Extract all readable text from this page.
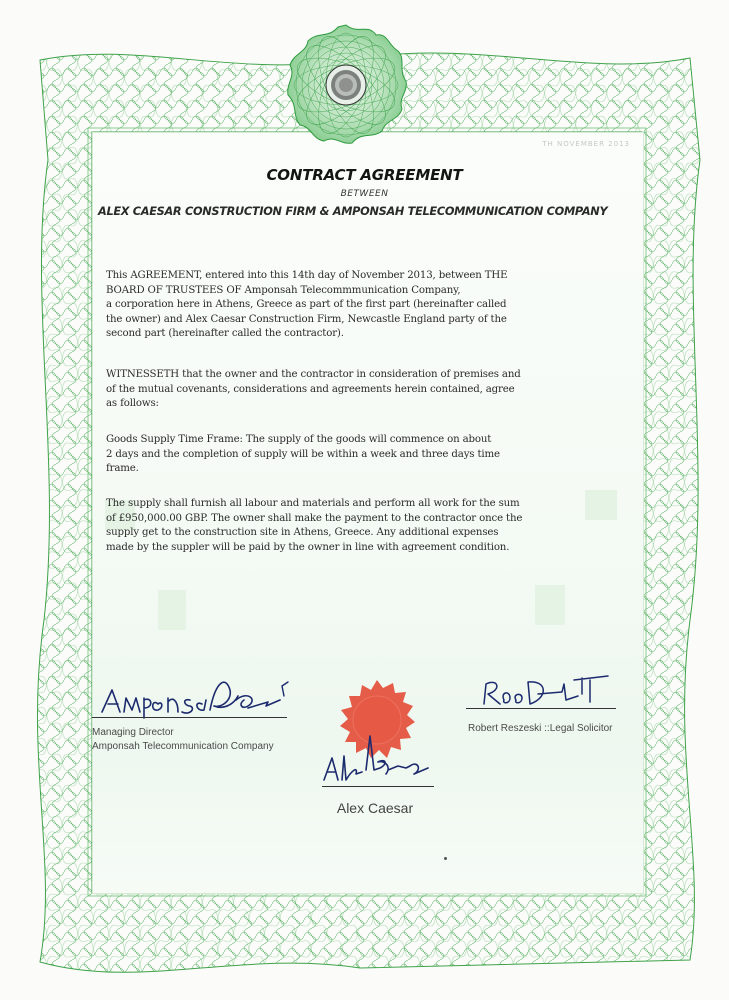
TH NOVEMBER 2013
CONTRACT AGREEMENT
BETWEEN
ALEX CAESAR CONSTRUCTION FIRM & AMPONSAH TELECOMMUNICATION COMPANY
This AGREEMENT, entered into this 14th day of November 2013, between THE
BOARD OF TRUSTEES OF Amponsah Telecommmunication Company,
a corporation here in Athens, Greece as part of the first part (hereinafter called
the owner) and Alex Caesar Construction Firm, Newcastle England party of the
second part (hereinafter called the contractor).
WITNESSETH that the owner and the contractor in consideration of premises and
of the mutual covenants, considerations and agreements herein contained, agree
as follows:
Goods Supply Time Frame: The supply of the goods will commence on about
2 days and the completion of supply will be within a week and three days time
frame.
The supply shall furnish all labour and materials and perform all work for the sum
of £950,000.00 GBP. The owner shall make the payment to the contractor once the
supply get to the construction site in Athens, Greece. Any additional expenses
made by the suppler will be paid by the owner in line with agreement condition.
Managing Director
Amponsah Telecommunication Company
Robert Reszeski ::Legal Solicitor
Alex Caesar
